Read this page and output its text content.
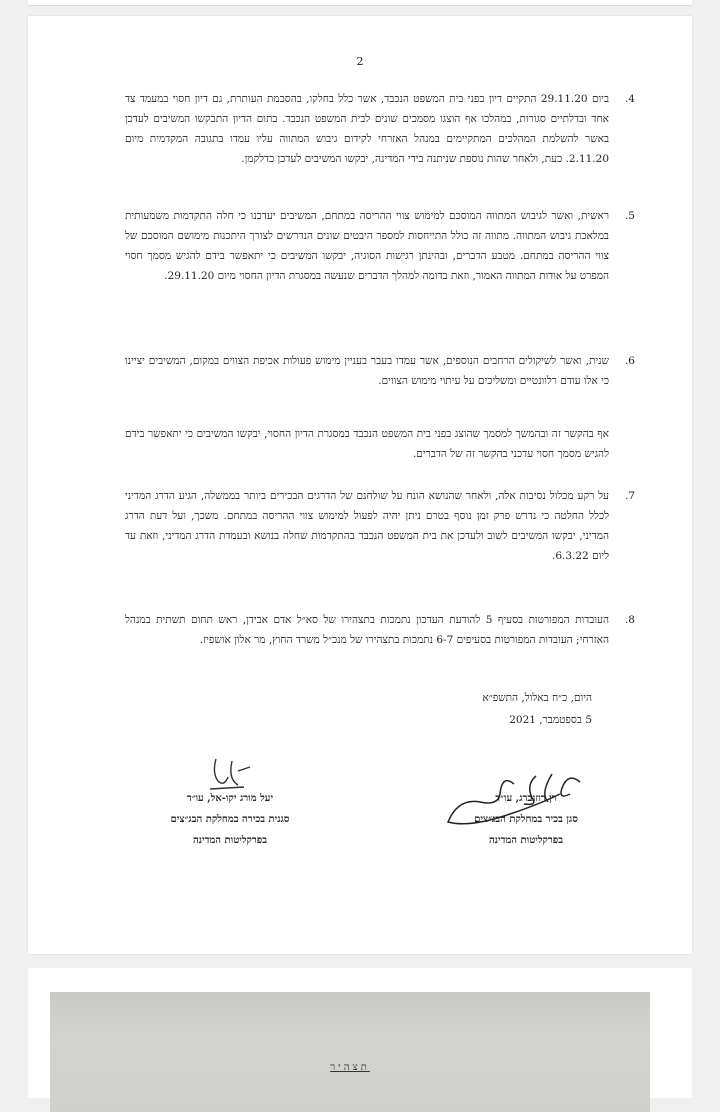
2
.4
ביום 29.11.20 התקיים דיון בפני בית המשפט הנכבד, אשר כלל בחלקו, בהסכמת העותרת, גם דיון חסוי במעמד צד אחד ובדלתיים סגורות, במהלכו אף הוצגו מסמכים שונים לבית המשפט הנכבד. בתום הדיון התבקשו המשיבים לעדכן באשר להשלמת המהלכים המתקיימים במנהל האזרחי לקידום גיבוש המתווה עליו עמדו בתגובה המקדמית מיום 2.11.20. כעת, ולאחר שהות נוספת שניתנה בידי המדינה, יבקשו המשיבים לעדכן כדלקמן.
.5
ראשית, ואשר לגיבוש המתווה המוסכם למימוש צווי ההריסה במתחם, המשיבים יעדכנו כי חלה התקדמות משמעותית במלאכת גיבוש המתווה. מתווה זה כולל התייחסות למספר היבטים שונים הנדרשים לצורך היתכנות מימושם המוסכם של צווי ההריסה במתחם. מטבע הדברים, ובהינתן רגישות הסוגיה, יבקשו המשיבים כי יתאפשר בידם להגיש מסמך חסוי המפרט על אודות המתווה האמור, וזאת בדומה למהלך הדברים שנעשה במסגרת הדיון החסוי מיום 29.11.20.
.6
שנית, ואשר לשיקולים הרחבים הנוספים, אשר עמדו בעבר בעניין מימוש פעולות אכיפת הצווים במקום, המשיבים יציינו כי אלו עודם רלוונטיים ומשליכים על עיתוי מימוש הצווים.
אף בהקשר זה ובהמשך למסמך שהוצג בפני בית המשפט הנכבד במסגרת הדיון החסוי, יבקשו המשיבים כי יתאפשר בידם להגיש מסמך חסוי עדכני בהקשר זה של הדברים.
.7
על רקע מכלול נסיבות אלה, ולאחר שהנושא הונח על שולחנם של הדרגים הבכירים ביותר בממשלה, הגיע הדרג המדיני לכלל החלטה כי נדרש פרק זמן נוסף בטרם ניתן יהיה לפעול למימוש צווי ההריסה במתחם. משכך, ועל דעת הדרג המדיני, יבקשו המשיבים לשוב ולעדכן את בית המשפט הנכבד בהתקדמות שחלה בנושא ובעמדת הדרג המדיני, וזאת עד ליום 6.3.22.
.8
העובדות המפורטות בסעיף 5 להודעת העדכון נתמכות בתצהירו של סא״ל אדם אבידן, ראש תחום תשתית במנהל האזרחי; העובדות המפורטות בסעיפים 6-7 נתמכות בתצהירו של מנכ״ל משרד החוץ, מר אלון אושפיז.
היום, כ״ח באלול, התשפ״א
5 בספטמבר, 2021
יעל מורג יקו-אל, עו״ד
סגנית בכירה במחלקת הבג״צים
בפרקליטות המדינה
רן רוזנברג, עו״ד
סגן בכיר במחלקת הבג״צים
בפרקליטות המדינה
תצהיר
